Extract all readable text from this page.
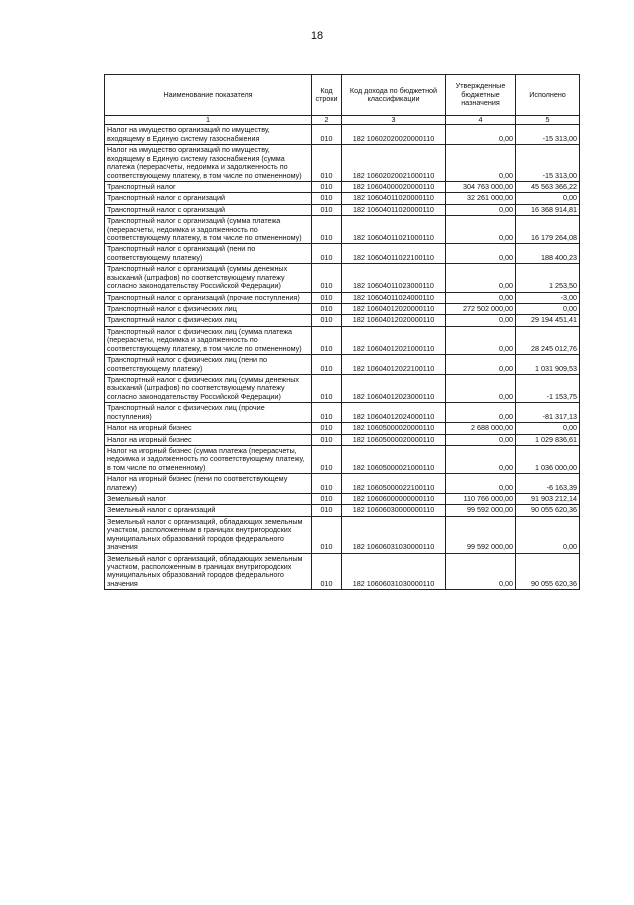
18
Наименование показателя	Код строки	Код дохода по бюджетной классификации	Утвержденные бюджетные назначения	Исполнено
1	2	3	4	5
Налог на имущество организаций по имуществу, входящему в Единую систему газоснабжения	010	182 10602020020000110	0,00	-15 313,00
Налог на имущество организаций по имуществу, входящему в Единую систему газоснабжения (сумма платежа (перерасчеты, недоимка и задолженность по соответствующему платежу, в том числе по отмененному)	010	182 10602020021000110	0,00	-15 313,00
Транспортный налог	010	182 10604000020000110	304 763 000,00	45 563 366,22
Транспортный налог с организаций	010	182 10604011020000110	32 261 000,00	0,00
Транспортный налог с организаций	010	182 10604011020000110	0,00	16 368 914,81
Транспортный налог с организаций (сумма платежа (перерасчеты, недоимка и задолженность по соответствующему платежу, в том числе по отмененному)	010	182 10604011021000110	0,00	16 179 264,08
Транспортный налог с организаций (пени по соответствующему платежу)	010	182 10604011022100110	0,00	188 400,23
Транспортный налог с организаций (суммы денежных взысканий (штрафов) по соответствующему платежу согласно законодательству Российской Федерации)	010	182 10604011023000110	0,00	1 253,50
Транспортный налог с организаций (прочие поступления)	010	182 10604011024000110	0,00	-3,00
Транспортный налог с физических лиц	010	182 10604012020000110	272 502 000,00	0,00
Транспортный налог с физических лиц	010	182 10604012020000110	0,00	29 194 451,41
Транспортный налог с физических лиц (сумма платежа (перерасчеты, недоимка и задолженность по соответствующему платежу, в том числе по отмененному)	010	182 10604012021000110	0,00	28 245 012,76
Транспортный налог с физических лиц (пени по соответствующему платежу)	010	182 10604012022100110	0,00	1 031 909,53
Транспортный налог с физических лиц (суммы денежных взысканий (штрафов) по соответствующему платежу согласно законодательству Российской Федерации)	010	182 10604012023000110	0,00	-1 153,75
Транспортный налог с физических лиц (прочие поступления)	010	182 10604012024000110	0,00	-81 317,13
Налог на игорный бизнес	010	182 10605000020000110	2 688 000,00	0,00
Налог на игорный бизнес	010	182 10605000020000110	0,00	1 029 836,61
Налог на игорный бизнес (сумма платежа (перерасчеты, недоимка и задолженность по соответствующему платежу, в том числе по отмененному)	010	182 10605000021000110	0,00	1 036 000,00
Налог на игорный бизнес (пени по соответствующему платежу)	010	182 10605000022100110	0,00	-6 163,39
Земельный налог	010	182 10606000000000110	110 766 000,00	91 903 212,14
Земельный налог с организаций	010	182 10606030000000110	99 592 000,00	90 055 620,36
Земельный налог с организаций, обладающих земельным участком, расположенным в границах внутригородских муниципальных образований городов федерального значения	010	182 10606031030000110	99 592 000,00	0,00
Земельный налог с организаций, обладающих земельным участком, расположенным в границах внутригородских муниципальных образований городов федерального значения	010	182 10606031030000110	0,00	90 055 620,36
